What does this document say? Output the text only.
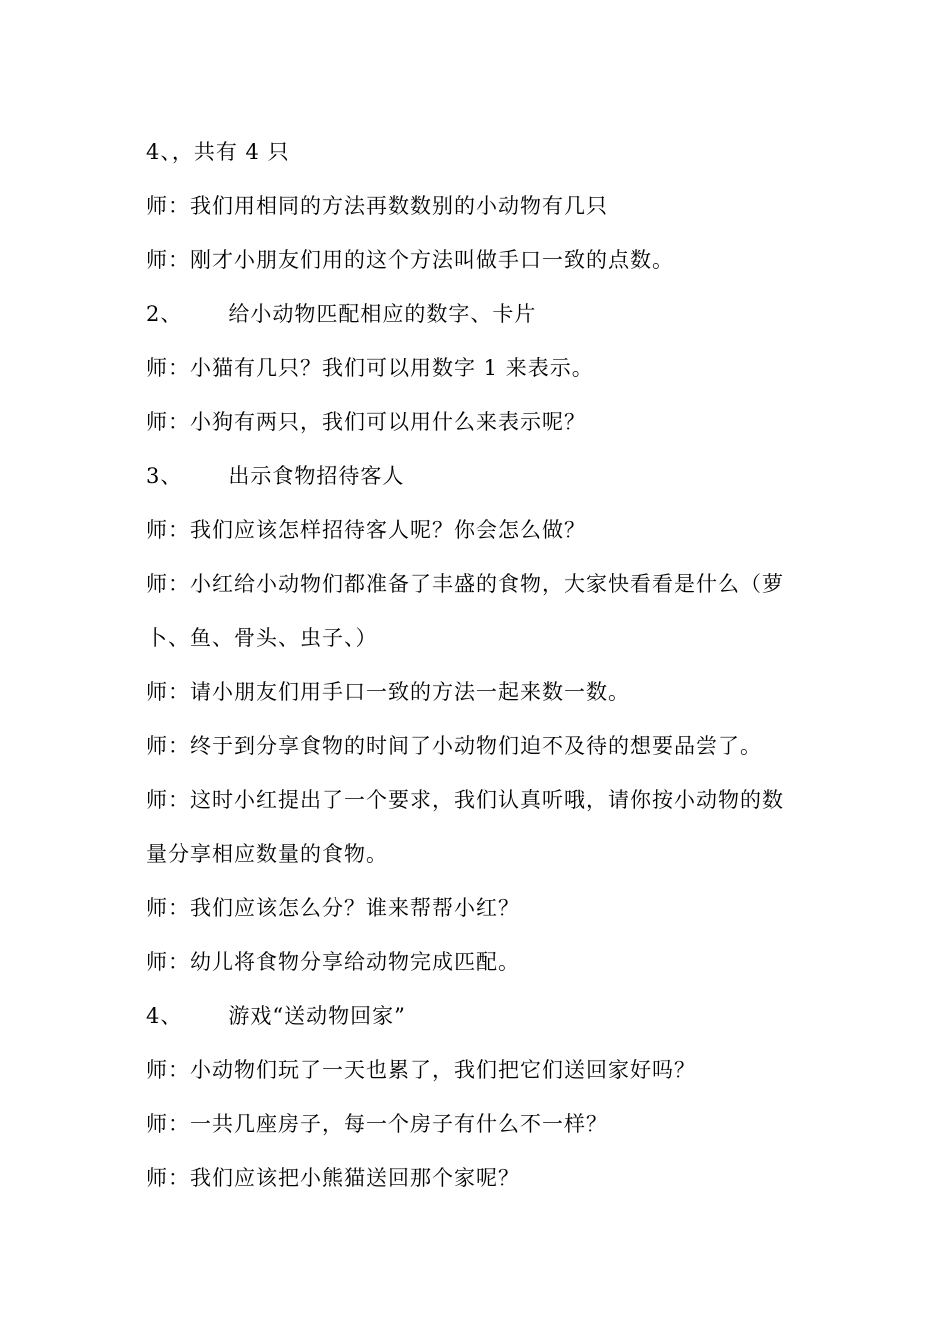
4、，共有 4 只
师：我们用相同的方法再数数别的小动物有几只
师：刚才小朋友们用的这个方法叫做手口一致的点数。
2、      给小动物匹配相应的数字、卡片
师：小猫有几只？我们可以用数字 1 来表示。
师：小狗有两只，我们可以用什么来表示呢？
3、      出示食物招待客人
师：我们应该怎样招待客人呢？你会怎么做？
师：小红给小动物们都准备了丰盛的食物，大家快看看是什么（萝
卜、鱼、骨头、虫子、）
师：请小朋友们用手口一致的方法一起来数一数。
师：终于到分享食物的时间了小动物们迫不及待的想要品尝了。
师：这时小红提出了一个要求，我们认真听哦，请你按小动物的数
量分享相应数量的食物。
师：我们应该怎么分？谁来帮帮小红？
师：幼儿将食物分享给动物完成匹配。
4、      游戏“送动物回家”
师：小动物们玩了一天也累了，我们把它们送回家好吗？
师：一共几座房子，每一个房子有什么不一样？
师：我们应该把小熊猫送回那个家呢？
